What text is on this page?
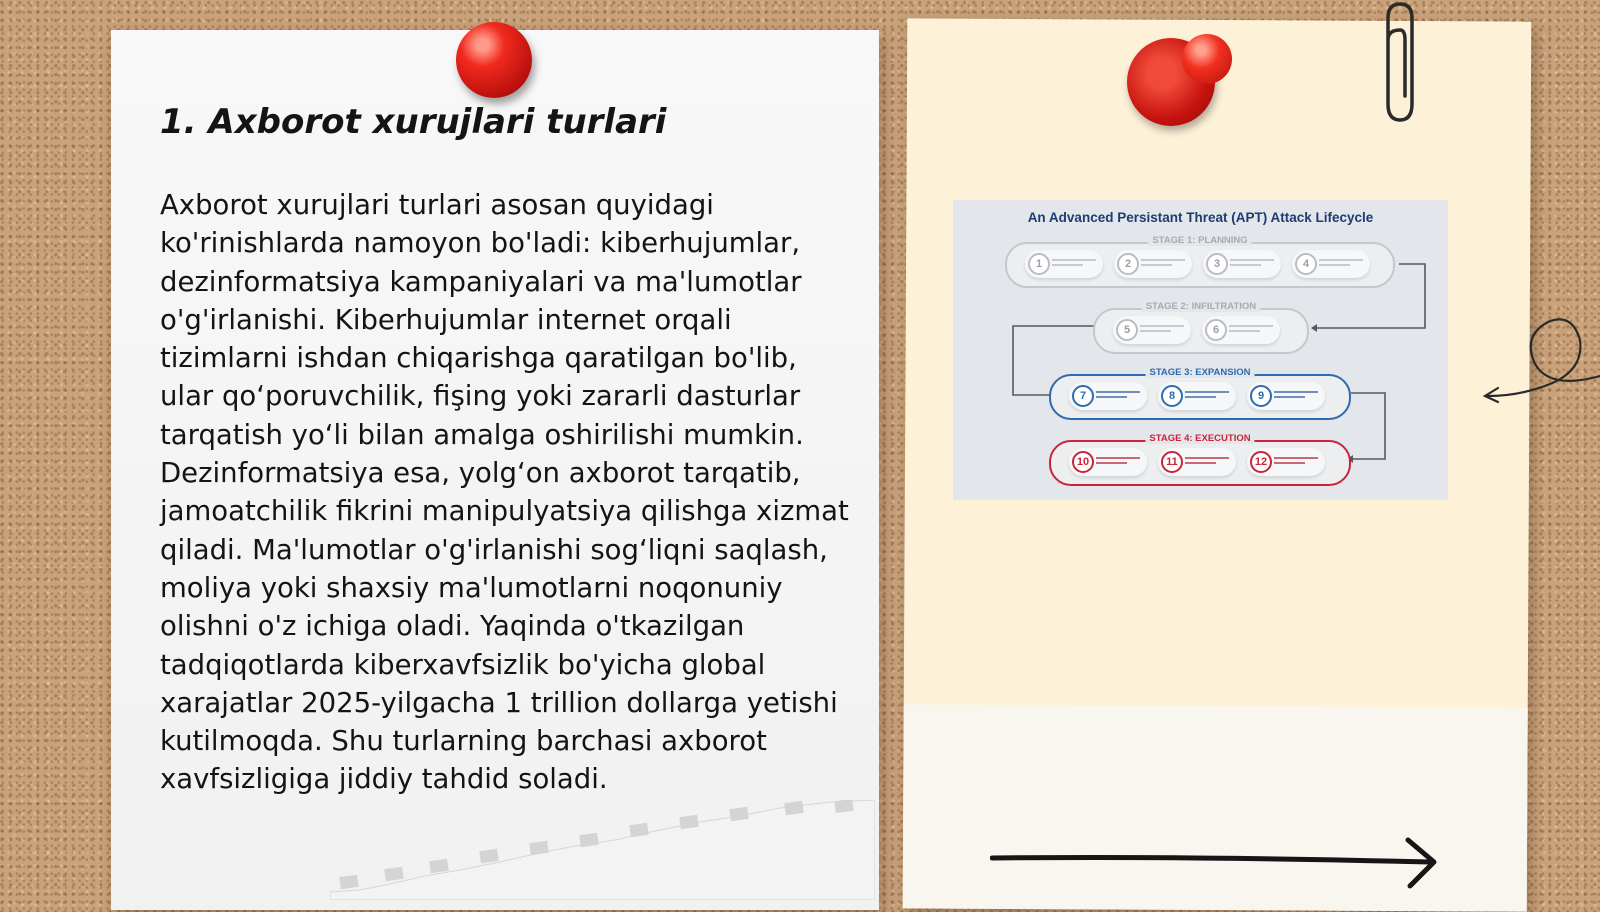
1. Axborot xurujlari turlari

Axborot xurujlari turlari asosan quyidagi ko'rinishlarda namoyon bo'ladi: kiberhujumlar, dezinformatsiya kampaniyalari va ma'lumotlar o'g'irlanishi. Kiberhujumlar internet orqali tizimlarni ishdan chiqarishga qaratilgan bo'lib, ular qo‘poruvchilik, fişing yoki zararli dasturlar tarqatish yo‘li bilan amalga oshirilishi mumkin. Dezinformatsiya esa, yolg‘on axborot tarqatib, jamoatchilik fikrini manipulyatsiya qilishga xizmat qiladi. Ma'lumotlar o'g'irlanishi sog‘liqni saqlash, moliya yoki shaxsiy ma'lumotlarni noqonuniy olishni o'z ichiga oladi. Yaqinda o'tkazilgan tadqiqotlarda kiberxavfsizlik bo'yicha global xarajatlar 2025-yilgacha 1 trillion dollarga yetishi kutilmoqda. Shu turlarning barchasi axborot xavfsizligiga jiddiy tahdid soladi.

An Advanced Persistant Threat (APT) Attack Lifecycle
STAGE 1: PLANNING
1	2	3	4
STAGE 2: INFILTRATION
5	6
STAGE 3: EXPANSION
7	8	9
STAGE 4: EXECUTION
10	11	12
